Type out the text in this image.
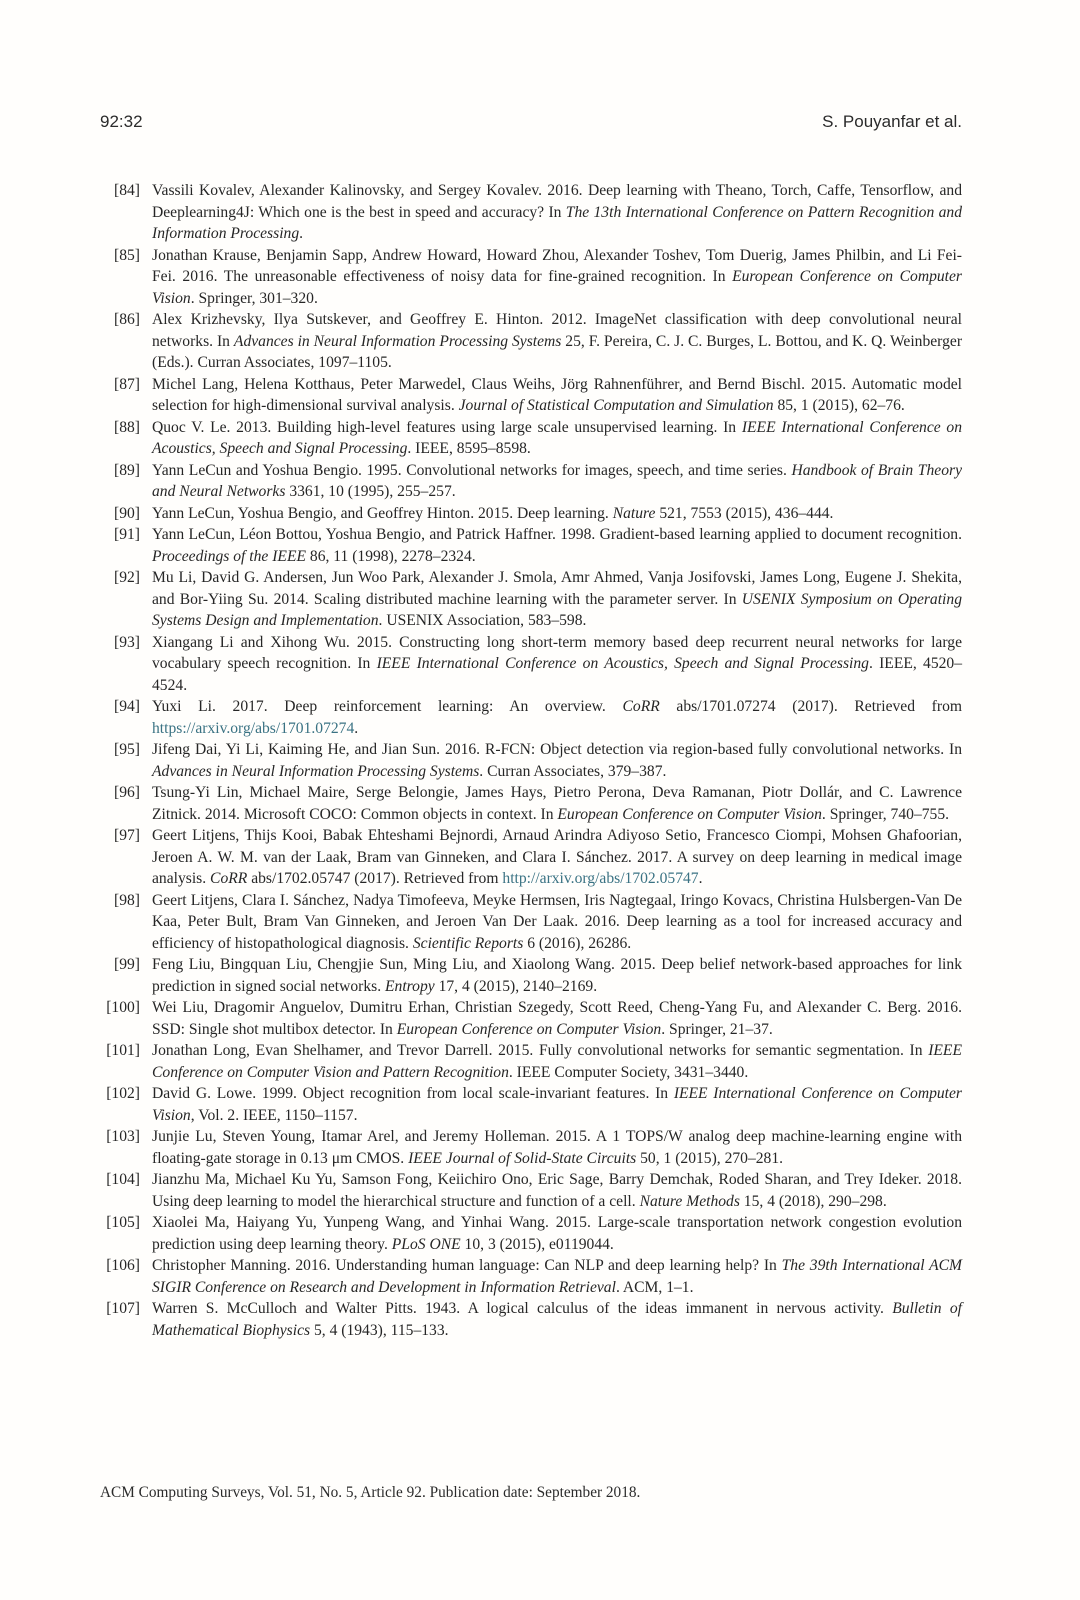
92:32	S. Pouyanfar et al.
[84] Vassili Kovalev, Alexander Kalinovsky, and Sergey Kovalev. 2016. Deep learning with Theano, Torch, Caffe, Tensorflow, and Deeplearning4J: Which one is the best in speed and accuracy? In The 13th International Conference on Pattern Recognition and Information Processing.
[85] Jonathan Krause, Benjamin Sapp, Andrew Howard, Howard Zhou, Alexander Toshev, Tom Duerig, James Philbin, and Li Fei-Fei. 2016. The unreasonable effectiveness of noisy data for fine-grained recognition. In European Conference on Computer Vision. Springer, 301–320.
[86] Alex Krizhevsky, Ilya Sutskever, and Geoffrey E. Hinton. 2012. ImageNet classification with deep convolutional neural networks. In Advances in Neural Information Processing Systems 25, F. Pereira, C. J. C. Burges, L. Bottou, and K. Q. Weinberger (Eds.). Curran Associates, 1097–1105.
[87] Michel Lang, Helena Kotthaus, Peter Marwedel, Claus Weihs, Jörg Rahnenführer, and Bernd Bischl. 2015. Automatic model selection for high-dimensional survival analysis. Journal of Statistical Computation and Simulation 85, 1 (2015), 62–76.
[88] Quoc V. Le. 2013. Building high-level features using large scale unsupervised learning. In IEEE International Conference on Acoustics, Speech and Signal Processing. IEEE, 8595–8598.
[89] Yann LeCun and Yoshua Bengio. 1995. Convolutional networks for images, speech, and time series. Handbook of Brain Theory and Neural Networks 3361, 10 (1995), 255–257.
[90] Yann LeCun, Yoshua Bengio, and Geoffrey Hinton. 2015. Deep learning. Nature 521, 7553 (2015), 436–444.
[91] Yann LeCun, Léon Bottou, Yoshua Bengio, and Patrick Haffner. 1998. Gradient-based learning applied to document recognition. Proceedings of the IEEE 86, 11 (1998), 2278–2324.
[92] Mu Li, David G. Andersen, Jun Woo Park, Alexander J. Smola, Amr Ahmed, Vanja Josifovski, James Long, Eugene J. Shekita, and Bor-Yiing Su. 2014. Scaling distributed machine learning with the parameter server. In USENIX Symposium on Operating Systems Design and Implementation. USENIX Association, 583–598.
[93] Xiangang Li and Xihong Wu. 2015. Constructing long short-term memory based deep recurrent neural networks for large vocabulary speech recognition. In IEEE International Conference on Acoustics, Speech and Signal Processing. IEEE, 4520–4524.
[94] Yuxi Li. 2017. Deep reinforcement learning: An overview. CoRR abs/1701.07274 (2017). Retrieved from https://arxiv.org/abs/1701.07274.
[95] Jifeng Dai, Yi Li, Kaiming He, and Jian Sun. 2016. R-FCN: Object detection via region-based fully convolutional networks. In Advances in Neural Information Processing Systems. Curran Associates, 379–387.
[96] Tsung-Yi Lin, Michael Maire, Serge Belongie, James Hays, Pietro Perona, Deva Ramanan, Piotr Dollár, and C. Lawrence Zitnick. 2014. Microsoft COCO: Common objects in context. In European Conference on Computer Vision. Springer, 740–755.
[97] Geert Litjens, Thijs Kooi, Babak Ehteshami Bejnordi, Arnaud Arindra Adiyoso Setio, Francesco Ciompi, Mohsen Ghafoorian, Jeroen A. W. M. van der Laak, Bram van Ginneken, and Clara I. Sánchez. 2017. A survey on deep learning in medical image analysis. CoRR abs/1702.05747 (2017). Retrieved from http://arxiv.org/abs/1702.05747.
[98] Geert Litjens, Clara I. Sánchez, Nadya Timofeeva, Meyke Hermsen, Iris Nagtegaal, Iringo Kovacs, Christina Hulsbergen-Van De Kaa, Peter Bult, Bram Van Ginneken, and Jeroen Van Der Laak. 2016. Deep learning as a tool for increased accuracy and efficiency of histopathological diagnosis. Scientific Reports 6 (2016), 26286.
[99] Feng Liu, Bingquan Liu, Chengjie Sun, Ming Liu, and Xiaolong Wang. 2015. Deep belief network-based approaches for link prediction in signed social networks. Entropy 17, 4 (2015), 2140–2169.
[100] Wei Liu, Dragomir Anguelov, Dumitru Erhan, Christian Szegedy, Scott Reed, Cheng-Yang Fu, and Alexander C. Berg. 2016. SSD: Single shot multibox detector. In European Conference on Computer Vision. Springer, 21–37.
[101] Jonathan Long, Evan Shelhamer, and Trevor Darrell. 2015. Fully convolutional networks for semantic segmentation. In IEEE Conference on Computer Vision and Pattern Recognition. IEEE Computer Society, 3431–3440.
[102] David G. Lowe. 1999. Object recognition from local scale-invariant features. In IEEE International Conference on Computer Vision, Vol. 2. IEEE, 1150–1157.
[103] Junjie Lu, Steven Young, Itamar Arel, and Jeremy Holleman. 2015. A 1 TOPS/W analog deep machine-learning engine with floating-gate storage in 0.13 μm CMOS. IEEE Journal of Solid-State Circuits 50, 1 (2015), 270–281.
[104] Jianzhu Ma, Michael Ku Yu, Samson Fong, Keiichiro Ono, Eric Sage, Barry Demchak, Roded Sharan, and Trey Ideker. 2018. Using deep learning to model the hierarchical structure and function of a cell. Nature Methods 15, 4 (2018), 290–298.
[105] Xiaolei Ma, Haiyang Yu, Yunpeng Wang, and Yinhai Wang. 2015. Large-scale transportation network congestion evolution prediction using deep learning theory. PLoS ONE 10, 3 (2015), e0119044.
[106] Christopher Manning. 2016. Understanding human language: Can NLP and deep learning help? In The 39th International ACM SIGIR Conference on Research and Development in Information Retrieval. ACM, 1–1.
[107] Warren S. McCulloch and Walter Pitts. 1943. A logical calculus of the ideas immanent in nervous activity. Bulletin of Mathematical Biophysics 5, 4 (1943), 115–133.
ACM Computing Surveys, Vol. 51, No. 5, Article 92. Publication date: September 2018.
